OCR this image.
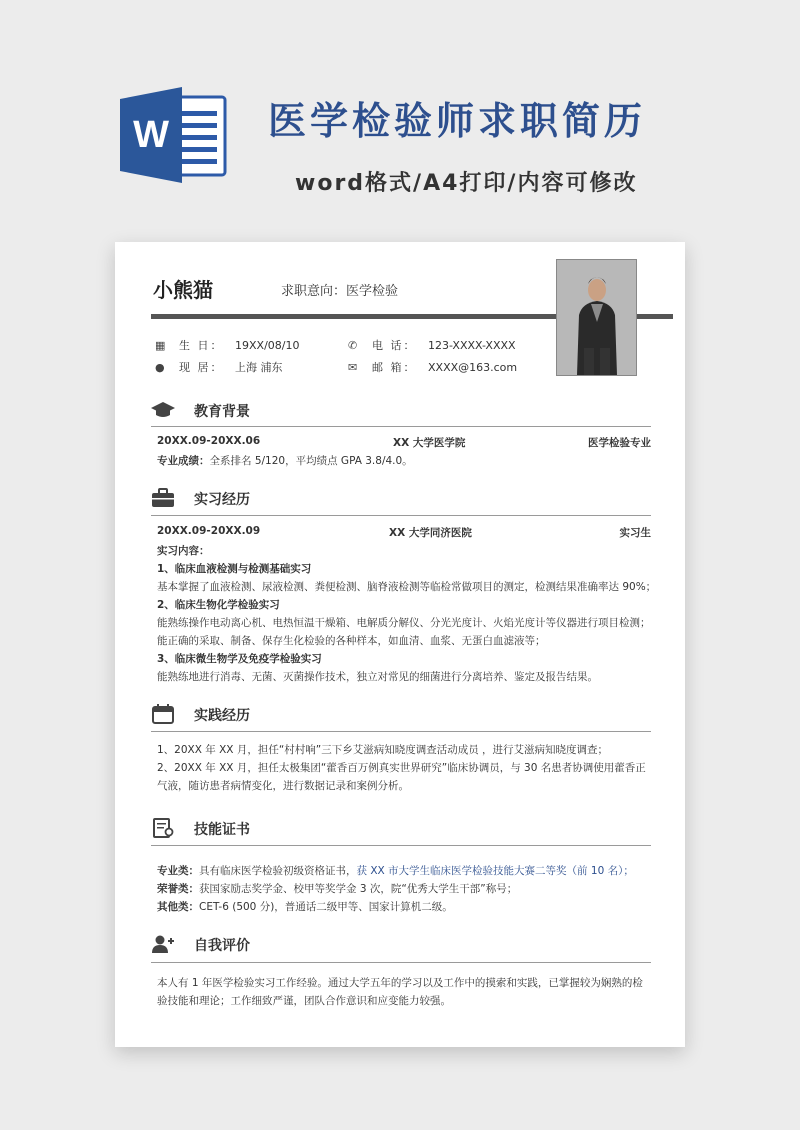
W	医学检验师求职简历
word格式/A4打印/内容可修改
小熊猫	求职意向：医学检验
▦ 生 日： 19XX/08/10	✆ 电 话： 123-XXXX-XXXX
● 现 居： 上海 浦东	✉ 邮 箱： XXXX@163.com
教育背景
20XX.09-20XX.06	XX 大学医学院	医学检验专业
专业成绩：全系排名 5/120，平均绩点 GPA 3.8/4.0。
实习经历
20XX.09-20XX.09	XX 大学同济医院	实习生
实习内容：
1、临床血液检测与检测基础实习
基本掌握了血液检测、尿液检测、粪便检测、脑脊液检测等临检常做项目的测定，检测结果准确率达 90%；
2、临床生物化学检验实习
能熟练操作电动离心机、电热恒温干燥箱、电解质分解仪、分光光度计、火焰光度计等仪器进行项目检测；
能正确的采取、制备、保存生化检验的各种样本，如血清、血浆、无蛋白血滤液等；
3、临床微生物学及免疫学检验实习
能熟练地进行消毒、无菌、灭菌操作技术，独立对常见的细菌进行分离培养、鉴定及报告结果。
实践经历
1、20XX 年 XX 月，担任“村村响”三下乡艾滋病知晓度调查活动成员 ，进行艾滋病知晓度调查；
2、20XX 年 XX 月，担任太极集团“藿香百万例真实世界研究”临床协调员，与 30 名患者协调使用藿香正
气液，随访患者病情变化，进行数据记录和案例分析。
技能证书
专业类：具有临床医学检验初级资格证书，获 XX 市大学生临床医学检验技能大赛二等奖（前 10 名）；
荣誉类：获国家励志奖学金、校甲等奖学金 3 次，院“优秀大学生干部”称号；
其他类：CET-6 (500 分)，普通话二级甲等、国家计算机二级。
自我评价
本人有 1 年医学检验实习工作经验。通过大学五年的学习以及工作中的摸索和实践，已掌握较为娴熟的检
验技能和理论；工作细致严谨，团队合作意识和应变能力较强。
